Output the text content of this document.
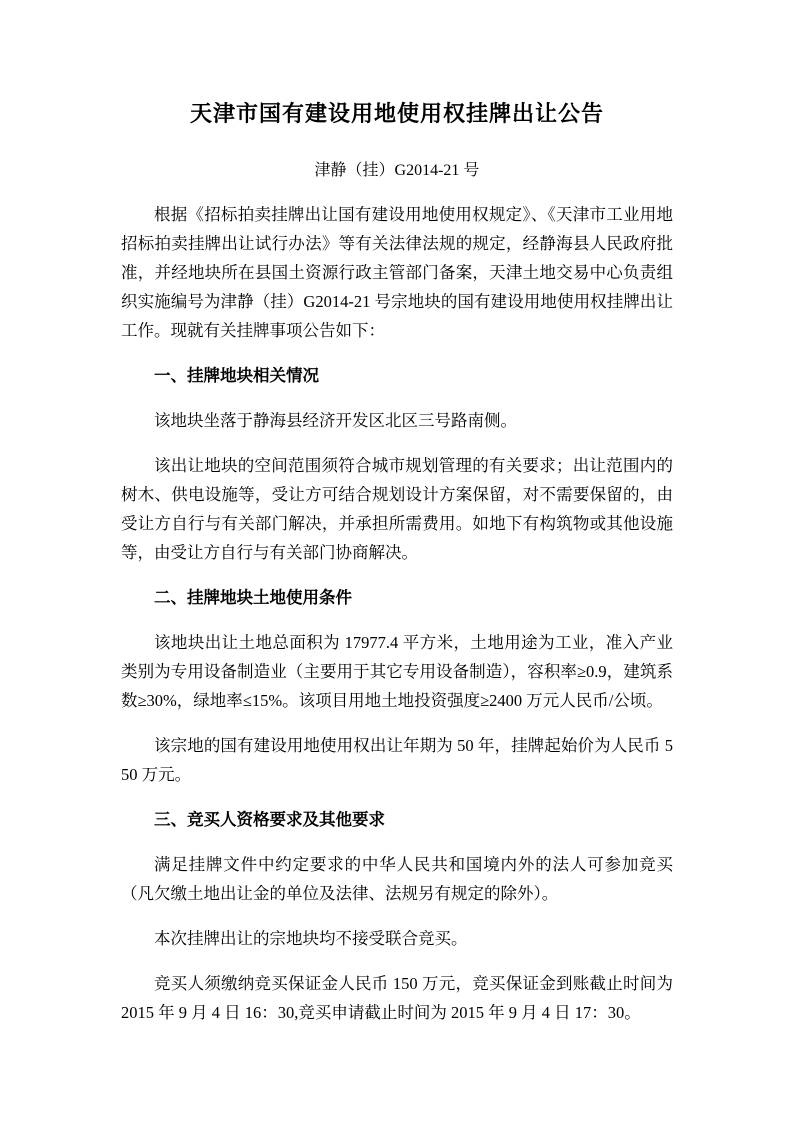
天津市国有建设用地使用权挂牌出让公告

津静（挂）G2014-21 号

根据《招标拍卖挂牌出让国有建设用地使用权规定》、《天津市工业用地招标拍卖挂牌出让试行办法》等有关法律法规的规定，经静海县人民政府批准，并经地块所在县国土资源行政主管部门备案，天津土地交易中心负责组织实施编号为津静（挂）G2014-21 号宗地块的国有建设用地使用权挂牌出让工作。现就有关挂牌事项公告如下：

一、挂牌地块相关情况

该地块坐落于静海县经济开发区北区三号路南侧。

该出让地块的空间范围须符合城市规划管理的有关要求；出让范围内的树木、供电设施等，受让方可结合规划设计方案保留，对不需要保留的，由受让方自行与有关部门解决，并承担所需费用。如地下有构筑物或其他设施等，由受让方自行与有关部门协商解决。

二、挂牌地块土地使用条件

该地块出让土地总面积为 17977.4 平方米，土地用途为工业，准入产业类别为专用设备制造业（主要用于其它专用设备制造），容积率≥0.9，建筑系数≥30%，绿地率≤15%。该项目用地土地投资强度≥2400 万元人民币/公顷。

该宗地的国有建设用地使用权出让年期为 50 年，挂牌起始价为人民币 550 万元。

三、竞买人资格要求及其他要求

满足挂牌文件中约定要求的中华人民共和国境内外的法人可参加竞买（凡欠缴土地出让金的单位及法律、法规另有规定的除外）。

本次挂牌出让的宗地块均不接受联合竞买。

竞买人须缴纳竞买保证金人民币 150 万元，竞买保证金到账截止时间为 2015 年 9 月 4 日 16：30,竞买申请截止时间为 2015 年 9 月 4 日 17：30。
